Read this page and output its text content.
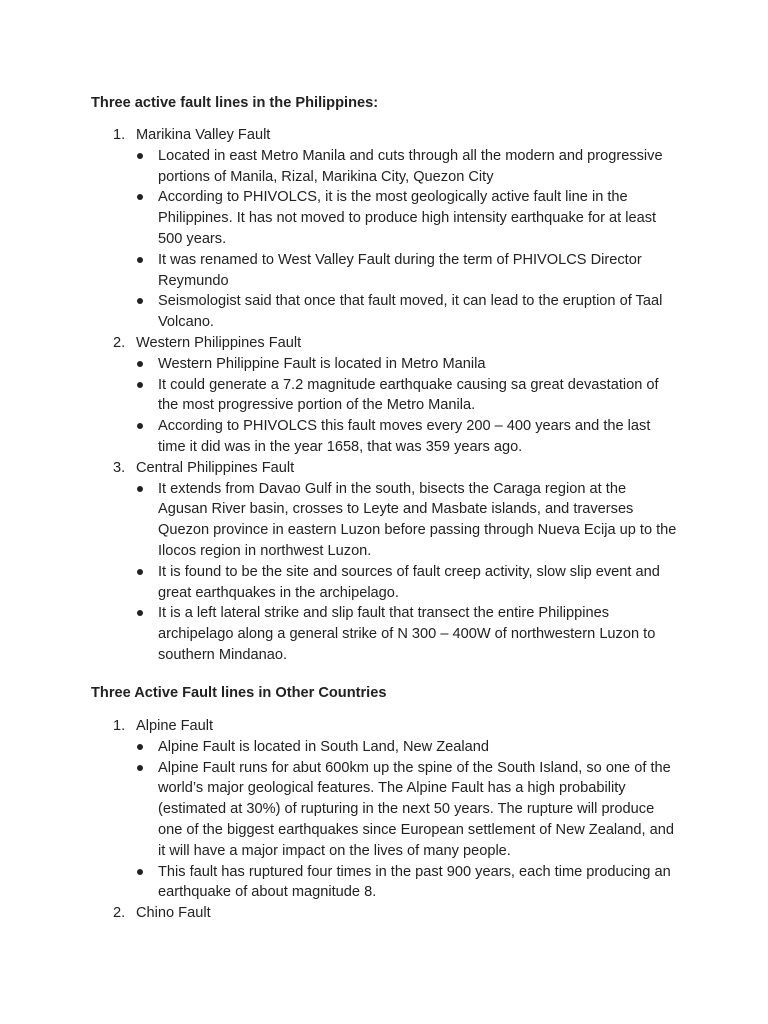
Three active fault lines in the Philippines:
1. Marikina Valley Fault
Located in east Metro Manila and cuts through all the modern and progressive portions of Manila, Rizal, Marikina City, Quezon City
According to PHIVOLCS, it is the most geologically active fault line in the Philippines. It has not moved to produce high intensity earthquake for at least 500 years.
It was renamed to West Valley Fault during the term of PHIVOLCS Director Reymundo
Seismologist said that once that fault moved, it can lead to the eruption of Taal Volcano.
2. Western Philippines Fault
Western Philippine Fault is located in Metro Manila
It could generate a 7.2 magnitude earthquake causing sa great devastation of the most progressive portion of the Metro Manila.
According to PHIVOLCS this fault moves every 200 – 400 years and the last time it did was in the year 1658, that was 359 years ago.
3. Central Philippines Fault
It extends from Davao Gulf in the south, bisects the Caraga region at the Agusan River basin, crosses to Leyte and Masbate islands, and traverses Quezon province in eastern Luzon before passing through Nueva Ecija up to the Ilocos region in northwest Luzon.
It is found to be the site and sources of fault creep activity, slow slip event and great earthquakes in the archipelago.
It is a left lateral strike and slip fault that transect the entire Philippines archipelago along a general strike of N 300 – 400W of northwestern Luzon to southern Mindanao.
Three Active Fault lines in Other Countries
1. Alpine Fault
Alpine Fault is located in South Land, New Zealand
Alpine Fault runs for abut 600km up the spine of the South Island, so one of the world’s major geological features. The Alpine Fault has a high probability (estimated at 30%) of rupturing in the next 50 years. The rupture will produce one of the biggest earthquakes since European settlement of New Zealand, and it will have a major impact on the lives of many people.
This fault has ruptured four times in the past 900 years, each time producing an earthquake of about magnitude 8.
2. Chino Fault
